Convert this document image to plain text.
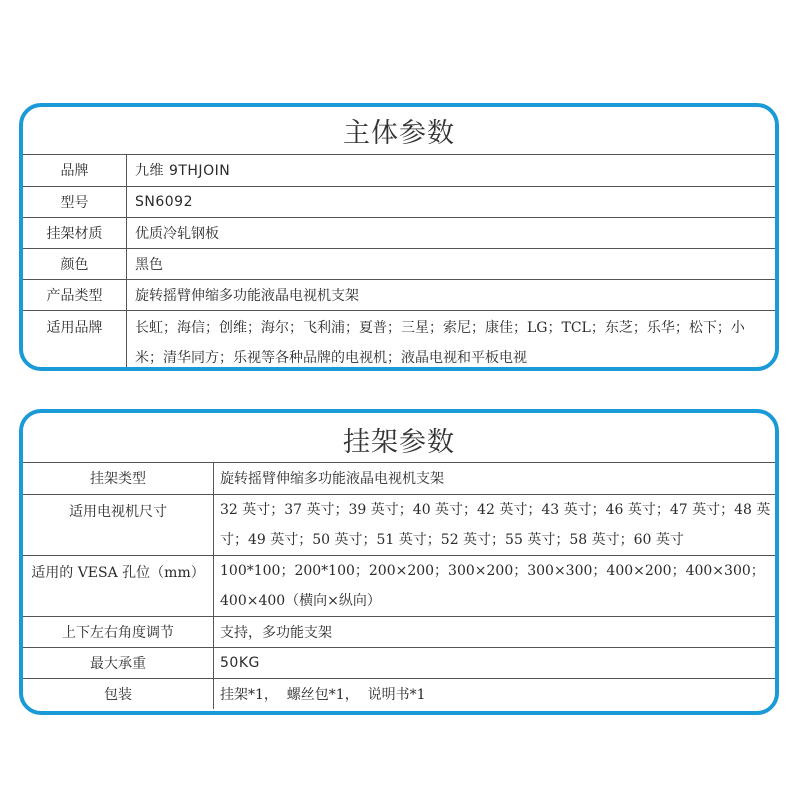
主体参数
品牌	九维 9THJOIN
型号	SN6092
挂架材质	优质冷轧钢板
颜色	黑色
产品类型	旋转摇臂伸缩多功能液晶电视机支架
适用品牌	长虹；海信；创维；海尔；飞利浦；夏普；三星；索尼；康佳；LG；TCL；东芝；乐华；松下；小米；清华同方；乐视等各种品牌的电视机；液晶电视和平板电视
挂架参数
挂架类型	旋转摇臂伸缩多功能液晶电视机支架
适用电视机尺寸	32 英寸；37 英寸；39 英寸；40 英寸；42 英寸；43 英寸；46 英寸；47 英寸；48 英寸；49 英寸；50 英寸；51 英寸；52 英寸；55 英寸；58 英寸；60 英寸
适用的 VESA 孔位（mm）	100*100；200*100；200×200；300×200；300×300；400×200；400×300；400×400（横向×纵向）
上下左右角度调节	支持，多功能支架
最大承重	50KG
包装	挂架*1，  螺丝包*1，  说明书*1
